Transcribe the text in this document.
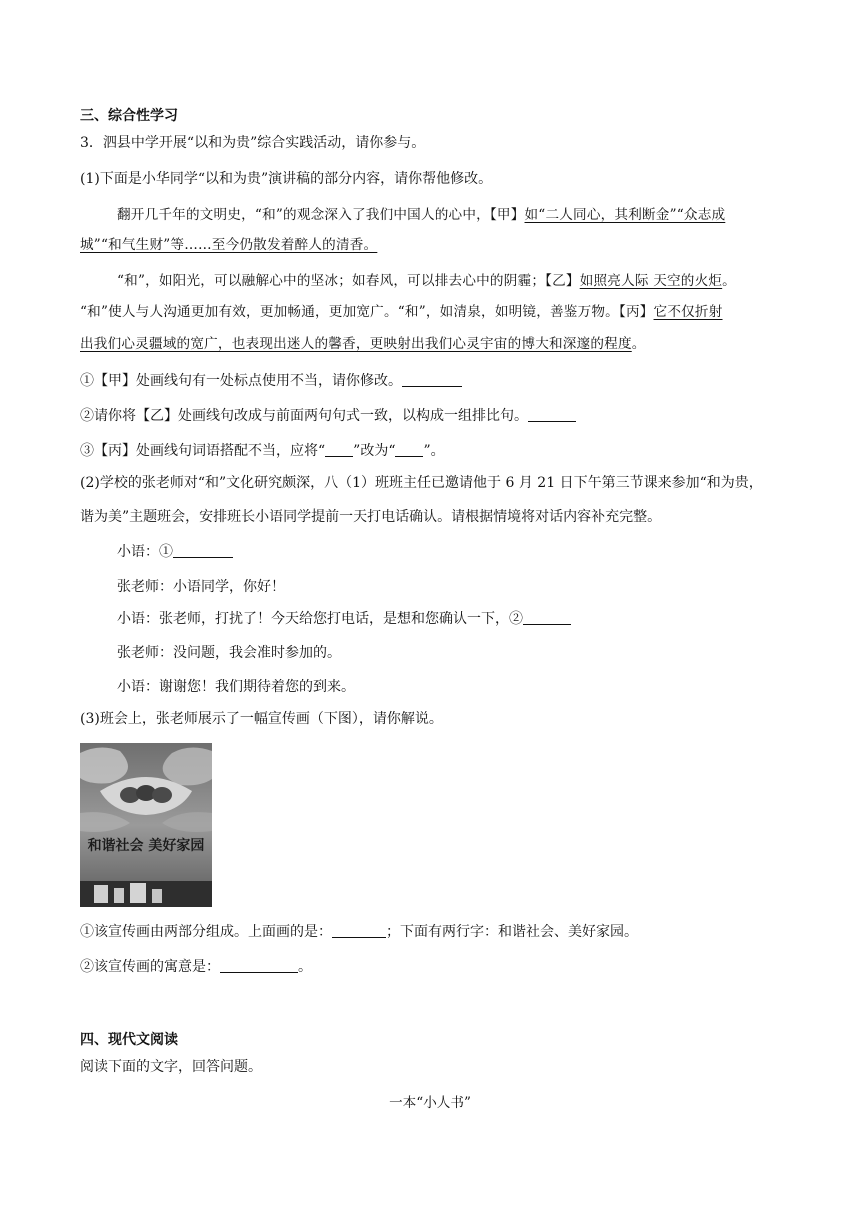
三、综合性学习
3．泗县中学开展“以和为贵”综合实践活动，请你参与。
(1)下面是小华同学“以和为贵”演讲稿的部分内容，请你帮他修改。
翻开几千年的文明史，“和”的观念深入了我们中国人的心中，【甲】如“二人同心，其利断金”“众志成
城”“和气生财”等……至今仍散发着醉人的清香。
“和”，如阳光，可以融解心中的坚冰；如春风，可以排去心中的阴霾；【乙】如照亮人际 天空的火炬。
“和”使人与人沟通更加有效，更加畅通，更加宽广。“和”，如清泉，如明镜，善鉴万物。【丙】它不仅折射
出我们心灵疆域的宽广，也表现出迷人的馨香，更映射出我们心灵宇宙的博大和深邃的程度。
①【甲】处画线句有一处标点使用不当，请你修改。
②请你将【乙】处画线句改成与前面两句句式一致，以构成一组排比句。
③【丙】处画线句词语搭配不当，应将“ ”改为“ ”。
(2)学校的张老师对“和”文化研究颇深，八（1）班班主任已邀请他于 6 月 21 日下午第三节课来参加“和为贵，
谐为美”主题班会，安排班长小语同学提前一天打电话确认。请根据情境将对话内容补充完整。
小语：①
张老师：小语同学，你好！
小语：张老师，打扰了！今天给您打电话，是想和您确认一下，②
张老师：没问题，我会准时参加的。
小语：谢谢您！我们期待着您的到来。
(3)班会上，张老师展示了一幅宣传画（下图），请你解说。
和谐社会 美好家园
①该宣传画由两部分组成。上面画的是：	；下面有两行字：和谐社会、美好家园。
②该宣传画的寓意是：	。
四、现代文阅读
阅读下面的文字，回答问题。
一本“小人书”
